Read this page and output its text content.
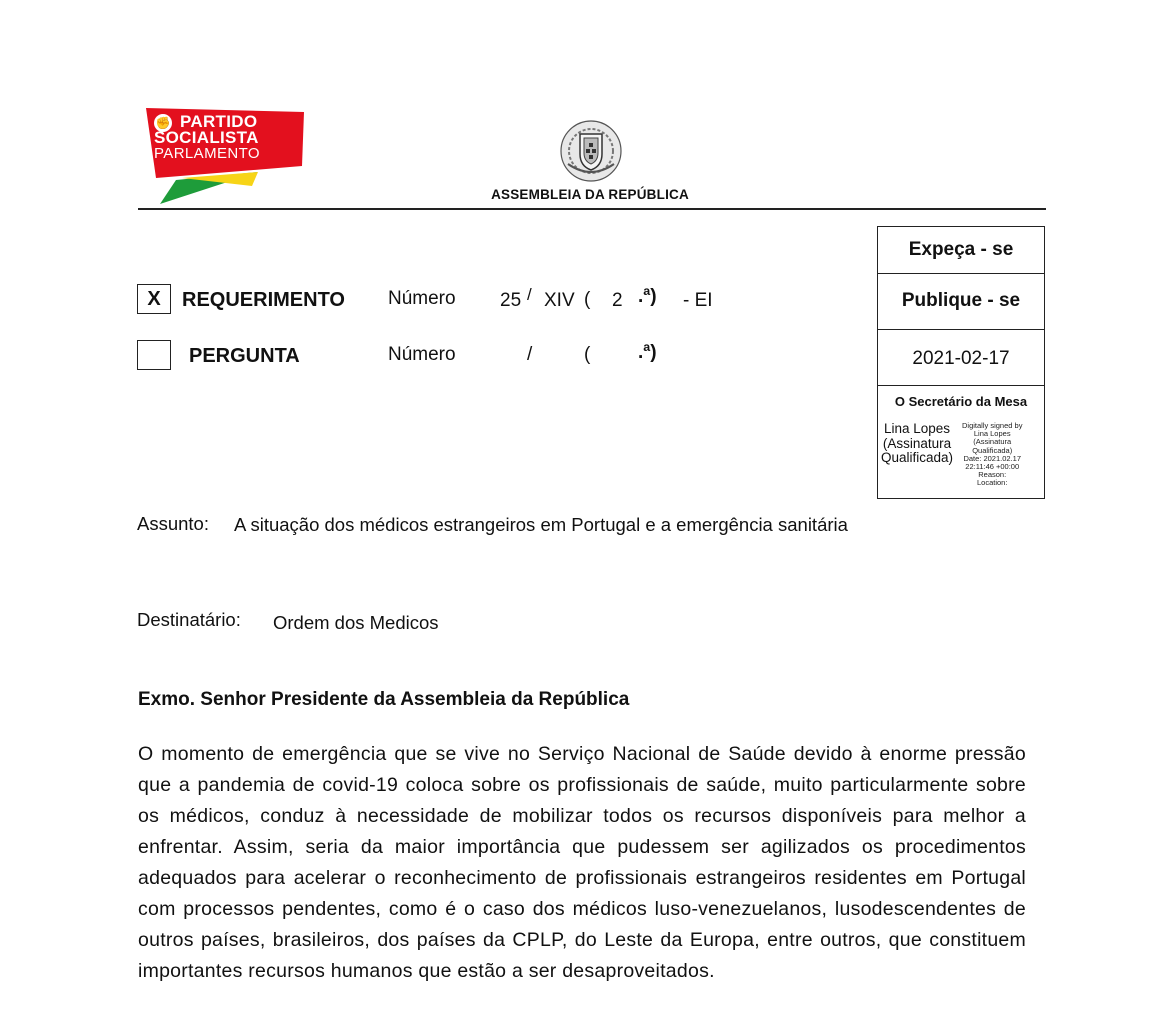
✊ PARTIDO
SOCIALISTA
PARLAMENTO
ASSEMBLEIA DA REPÚBLICA
X	REQUERIMENTO Número 25 / XIV ( 2 .ª) - EI
PERGUNTA	Número	/	(	.ª)
Expeça - se
Publique - se
2021-02-17
O Secretário da Mesa
Lina Lopes
(Assinatura
Qualificada)
Digitally signed by
Lina Lopes
(Assinatura
Qualificada)
Date: 2021.02.17
22:11:46 +00:00
Reason:
Location:
Assunto: A situação dos médicos estrangeiros em Portugal e a emergência sanitária
Destinatário: Ordem dos Medicos
Exmo. Senhor Presidente da Assembleia da República
O momento de emergência que se vive no Serviço Nacional de Saúde devido à enorme pressão que a pandemia de covid-19 coloca sobre os profissionais de saúde, muito particularmente sobre os médicos, conduz à necessidade de mobilizar todos os recursos disponíveis para melhor a enfrentar. Assim, seria da maior importância que pudessem ser agilizados os procedimentos adequados para acelerar o reconhecimento de profissionais estrangeiros residentes em Portugal com processos pendentes, como é o caso dos médicos luso-venezuelanos, lusodescendentes de outros países, brasileiros, dos países da CPLP, do Leste da Europa, entre outros, que constituem importantes recursos humanos que estão a ser desaproveitados.
